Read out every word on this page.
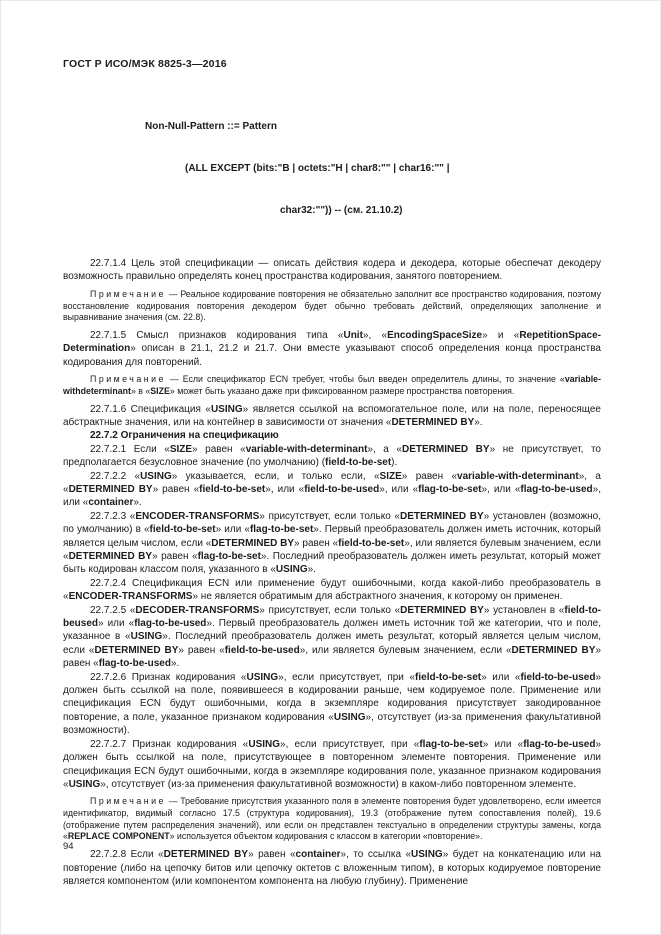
ГОСТ Р ИСО/МЭК 8825-3—2016

Non-Null-Pattern ::= Pattern

(ALL EXCEPT (bits:"B | octets:"H | char8:"" | char16:"" |

char32:"")) -- (см. 21.10.2)

22.7.1.4 Цель этой спецификации — описать действия кодера и декодера, которые обеспечат декодеру возможность правильно определять конец пространства кодирования, занятого повторением.

Примечание — Реальное кодирование повторения не обязательно заполнит все пространство кодирования, поэтому восстановление кодирования повторения декодером будет обычно требовать действий, определяющих заполнение и выравнивание значения (см. 22.8).

22.7.1.5 Смысл признаков кодирования типа «Unit», «EncodingSpaceSize» и «RepetitionSpace-Determination» описан в 21.1, 21.2 и 21.7. Они вместе указывают способ определения конца пространства кодирования для повторений.

Примечание — Если спецификатор ECN требует, чтобы был введен определитель длины, то значение «variable-withdeterminant» в «SIZE» может быть указано даже при фиксированном размере пространства повторения.

22.7.1.6 Спецификация «USING» является ссылкой на вспомогательное поле, или на поле, переносящее абстрактные значения, или на контейнер в зависимости от значения «DETERMINED BY».

22.7.2 Ограничения на спецификацию

22.7.2.1 Если «SIZE» равен «variable-with-determinant», а «DETERMINED BY» не присутствует, то предполагается безусловное значение (по умолчанию) (field-to-be-set).

22.7.2.2 «USING» указывается, если, и только если, «SIZE» равен «variable-with-determinant», а «DETERMINED BY» равен «field-to-be-set», или «field-to-be-used», или «flag-to-be-set», или «flag-to-be-used», или «container».

22.7.2.3 «ENCODER-TRANSFORMS» присутствует, если только «DETERMINED BY» установлен (возможно, по умолчанию) в «field-to-be-set» или «flag-to-be-set». Первый преобразователь должен иметь источник, который является целым числом, если «DETERMINED BY» равен «field-to-be-set», или является булевым значением, если «DETERMINED BY» равен «flag-to-be-set». Последний преобразователь должен иметь результат, который может быть кодирован классом поля, указанного в «USING».

22.7.2.4 Спецификация ECN или применение будут ошибочными, когда какой-либо преобразователь в «ENCODER-TRANSFORMS» не является обратимым для абстрактного значения, к которому он применен.

22.7.2.5 «DECODER-TRANSFORMS» присутствует, если только «DETERMINED BY» установлен в «field-to-beused» или «flag-to-be-used». Первый преобразователь должен иметь источник той же категории, что и поле, указанное в «USING». Последний преобразователь должен иметь результат, который является целым числом, если «DETERMINED BY» равен «field-to-be-used», или является булевым значением, если «DETERMINED BY» равен «flag-to-be-used».

22.7.2.6 Признак кодирования «USING», если присутствует, при «field-to-be-set» или «field-to-be-used» должен быть ссылкой на поле, появившееся в кодировании раньше, чем кодируемое поле. Применение или спецификация ECN будут ошибочными, когда в экземпляре кодирования присутствует закодированное повторение, а поле, указанное признаком кодирования «USING», отсутствует (из-за применения факультативной возможности).

22.7.2.7 Признак кодирования «USING», если присутствует, при «flag-to-be-set» или «flag-to-be-used» должен быть ссылкой на поле, присутствующее в повторенном элементе повторения. Применение или спецификация ECN будут ошибочными, когда в экземпляре кодирования поле, указанное признаком кодирования «USING», отсутствует (из-за применения факультативной возможности) в каком-либо повторенном элементе.

Примечание — Требование присутствия указанного поля в элементе повторения будет удовлетворено, если имеется идентификатор, видимый согласно 17.5 (структура кодирования), 19.3 (отображение путем сопоставления полей), 19.6 (отображение путем распределения значений), или если он представлен текстуально в определении структуры замены, когда «REPLACE COMPONENT» используется объектом кодирования с классом в категории «повторение».

22.7.2.8 Если «DETERMINED BY» равен «container», то ссылка «USING» будет на конкатенацию или на повторение (либо на цепочку битов или цепочку октетов с вложенным типом), в которых кодируемое повторение является компонентом (или компонентом компонента на любую глубину). Применение

94
